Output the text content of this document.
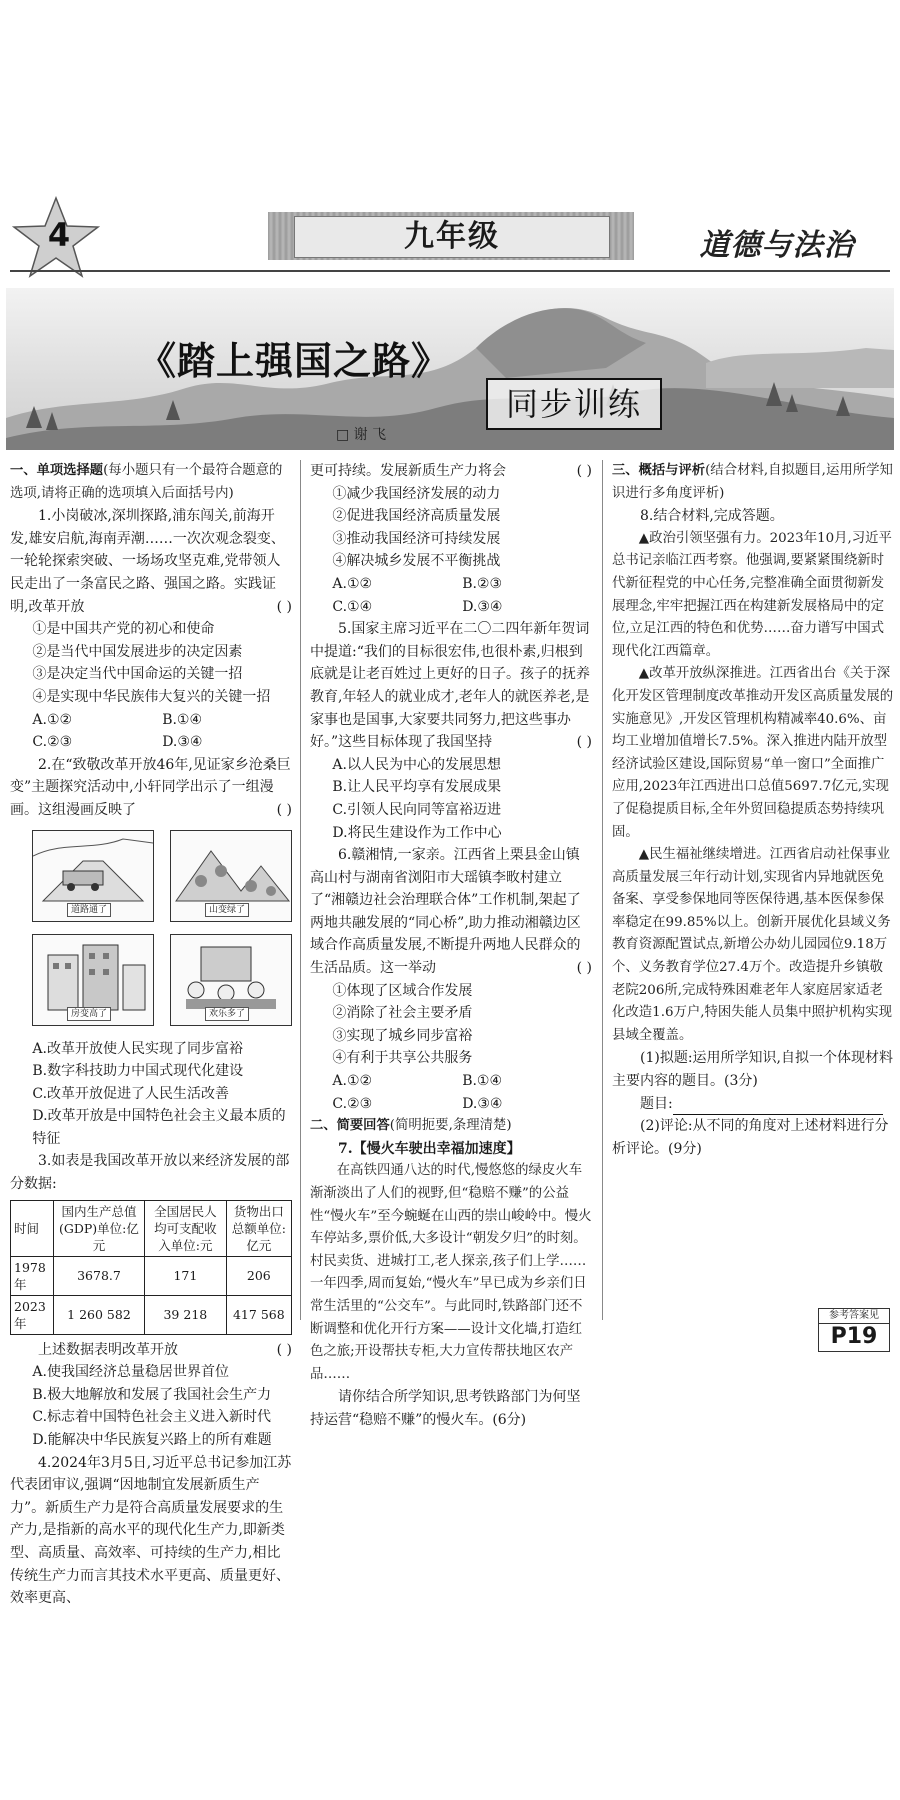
4	九年级	道德与法治
《踏上强国之路》
同步训练
□ 谢 飞

一、单项选择题(每小题只有一个最符合题意的选项,请将正确的选项填入后面括号内)

1.小岗破冰,深圳探路,浦东闯关,前海开发,雄安启航,海南弄潮……一次次观念裂变、一轮轮探索突破、一场场攻坚克难,党带领人民走出了一条富民之路、强国之路。实践证明,改革开放	( )

①是中国共产党的初心和使命

②是当代中国发展进步的决定因素

③是决定当代中国命运的关键一招

④是实现中华民族伟大复兴的关键一招

A.①②	B.①④
C.②③	D.③④

2.在“致敬改革开放46年,见证家乡沧桑巨变”主题探究活动中,小轩同学出示了一组漫画。这组漫画反映了	( )

道路通了	山变绿了
房变高了	欢乐多了

A.改革开放使人民实现了同步富裕

B.数字科技助力中国式现代化建设

C.改革开放促进了人民生活改善

D.改革开放是中国特色社会主义最本质的特征

3.如表是我国改革开放以来经济发展的部分数据:

时间	国内生产总值(GDP)单位:亿元	全国居民人均可支配收入单位:元	货物出口总额单位:亿元
1978年	3678.7	171	206
2023年	1 260 582	39 218	417 568

上述数据表明改革开放	( )

A.使我国经济总量稳居世界首位

B.极大地解放和发展了我国社会生产力

C.标志着中国特色社会主义进入新时代

D.能解决中华民族复兴路上的所有难题

4.2024年3月5日,习近平总书记参加江苏代表团审议,强调“因地制宜发展新质生产力”。新质生产力是符合高质量发展要求的生产力,是指新的高水平的现代化生产力,即新类型、高质量、高效率、可持续的生产力,相比传统生产力而言其技术水平更高、质量更好、效率更高、

更可持续。发展新质生产力将会	( )

①减少我国经济发展的动力

②促进我国经济高质量发展

③推动我国经济可持续发展

④解决城乡发展不平衡挑战

A.①②	B.②③
C.①④	D.③④

5.国家主席习近平在二〇二四年新年贺词中提道:“我们的目标很宏伟,也很朴素,归根到底就是让老百姓过上更好的日子。孩子的抚养教育,年轻人的就业成才,老年人的就医养老,是家事也是国事,大家要共同努力,把这些事办好。”这些目标体现了我国坚持	( )

A.以人民为中心的发展思想

B.让人民平均享有发展成果

C.引领人民向同等富裕迈进

D.将民生建设作为工作中心

6.赣湘情,一家亲。江西省上栗县金山镇高山村与湖南省浏阳市大瑶镇李畋村建立了“湘赣边社会治理联合体”工作机制,架起了两地共融发展的“同心桥”,助力推动湘赣边区域合作高质量发展,不断提升两地人民群众的生活品质。这一举动	( )

①体现了区域合作发展

②消除了社会主要矛盾

③实现了城乡同步富裕

④有利于共享公共服务

A.①②	B.①④
C.②③	D.③④

二、简要回答(简明扼要,条理清楚)

7.【慢火车驶出幸福加速度】

在高铁四通八达的时代,慢悠悠的绿皮火车渐渐淡出了人们的视野,但“稳赔不赚”的公益性“慢火车”至今蜿蜒在山西的崇山峻岭中。慢火车停站多,票价低,大多设计“朝发夕归”的时刻。村民卖货、进城打工,老人探亲,孩子们上学……一年四季,周而复始,“慢火车”早已成为乡亲们日常生活里的“公交车”。与此同时,铁路部门还不断调整和优化开行方案——设计文化墙,打造红色之旅;开设帮扶专柜,大力宣传帮扶地区农产品……

请你结合所学知识,思考铁路部门为何坚持运营“稳赔不赚”的慢火车。(6分)

三、概括与评析(结合材料,自拟题目,运用所学知识进行多角度评析)

8.结合材料,完成答题。

▲政治引领坚强有力。2023年10月,习近平总书记亲临江西考察。他强调,要紧紧围绕新时代新征程党的中心任务,完整准确全面贯彻新发展理念,牢牢把握江西在构建新发展格局中的定位,立足江西的特色和优势……奋力谱写中国式现代化江西篇章。

▲改革开放纵深推进。江西省出台《关于深化开发区管理制度改革推动开发区高质量发展的实施意见》,开发区管理机构精减率40.6%、亩均工业增加值增长7.5%。深入推进内陆开放型经济试验区建设,国际贸易“单一窗口”全面推广应用,2023年江西进出口总值5697.7亿元,实现了促稳提质目标,全年外贸回稳提质态势持续巩固。

▲民生福祉继续增进。江西省启动社保事业高质量发展三年行动计划,实现省内异地就医免备案、享受参保地同等医保待遇,基本医保参保率稳定在99.85%以上。创新开展优化县域义务教育资源配置试点,新增公办幼儿园园位9.18万个、义务教育学位27.4万个。改造提升乡镇敬老院206所,完成特殊困难老年人家庭居家适老化改造1.6万户,特困失能人员集中照护机构实现县域全覆盖。

(1)拟题:运用所学知识,自拟一个体现材料主要内容的题目。(3分)

题目:

(2)评论:从不同的角度对上述材料进行分析评论。(9分)

参考答案见
P19
